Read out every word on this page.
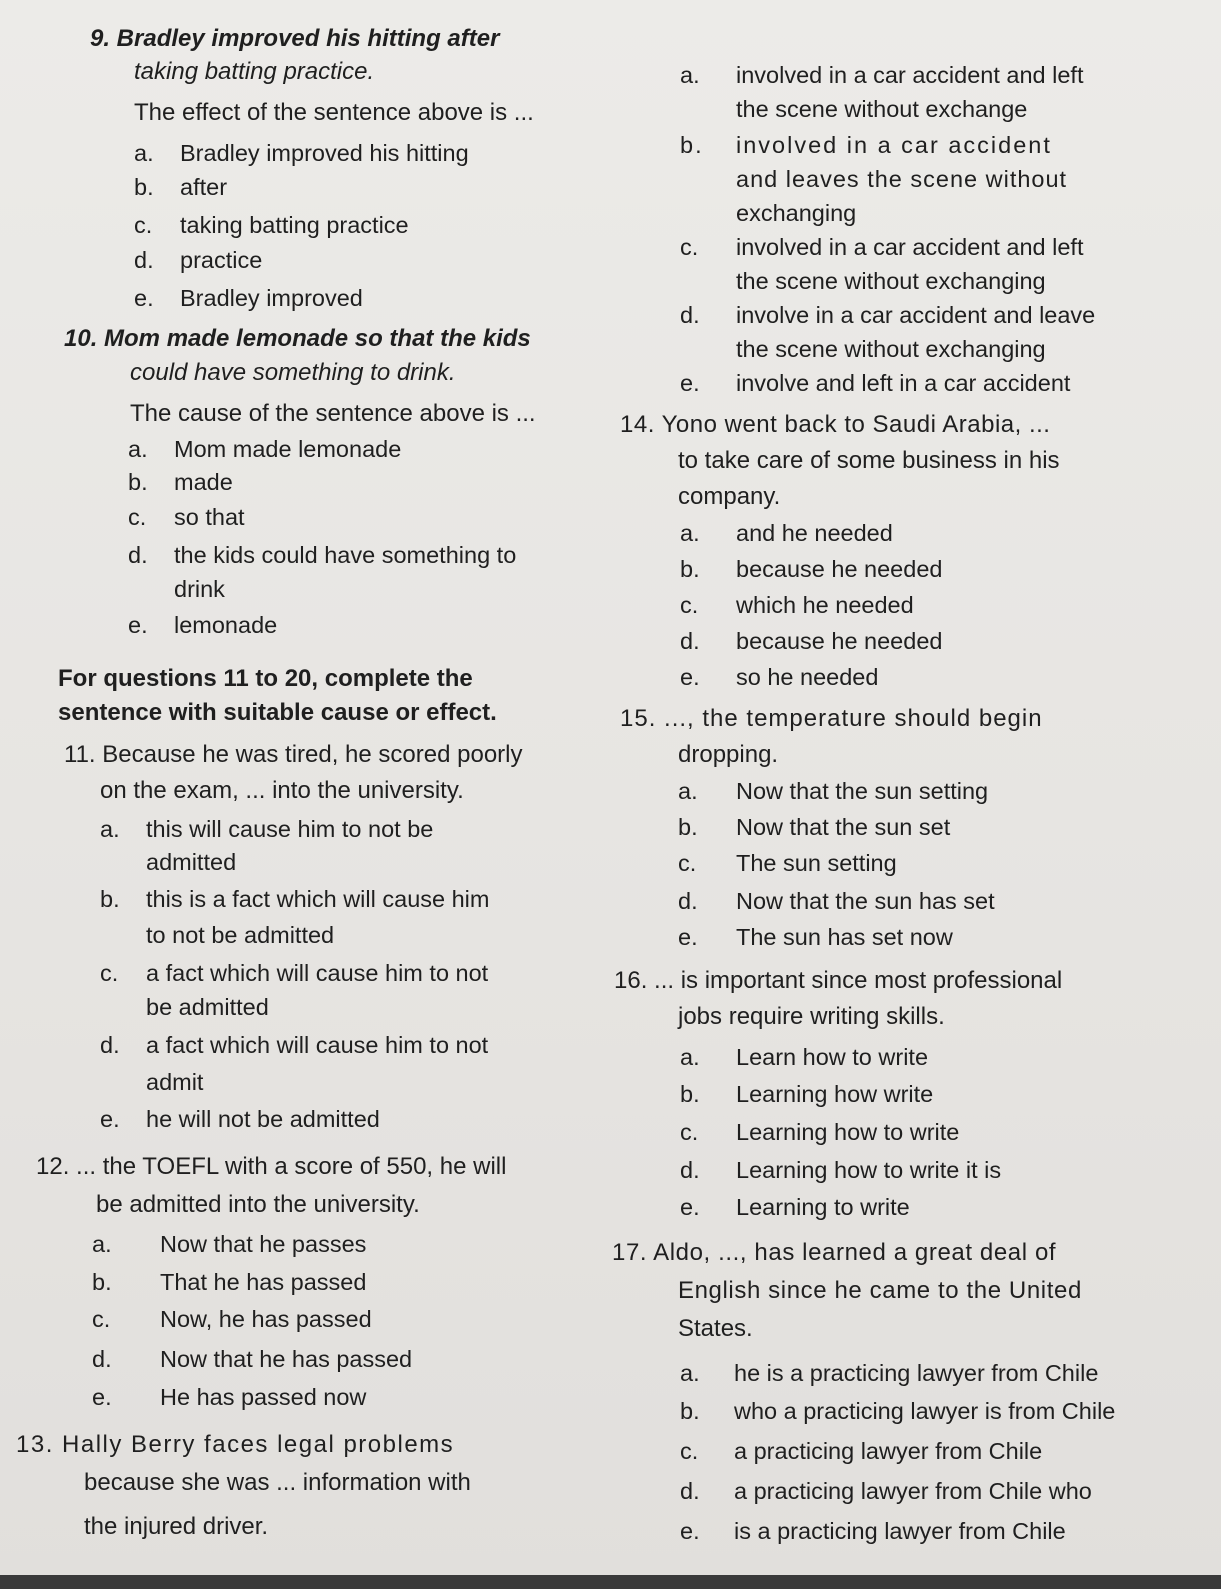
9. Bradley improved his hitting after
taking batting practice.
The effect of the sentence above is ...
a. Bradley improved his hitting
b. after
c. taking batting practice
d. practice
e. Bradley improved
10. Mom made lemonade so that the kids
could have something to drink.
The cause of the sentence above is ...
a. Mom made lemonade
b. made
c. so that
d. the kids could have something to
drink
e. lemonade
For questions 11 to 20, complete the
sentence with suitable cause or effect.
11. Because he was tired, he scored poorly
on the exam, ... into the university.
a. this will cause him to not be
admitted
b. this is a fact which will cause him
to not be admitted
c. a fact which will cause him to not
be admitted
d. a fact which will cause him to not
admit
e. he will not be admitted
12. ... the TOEFL with a score of 550, he will
be admitted into the university.
a. Now that he passes
b. That he has passed
c. Now, he has passed
d. Now that he has passed
e. He has passed now
13. Hally Berry faces legal problems
because she was ... information with
the injured driver.
a. involved in a car accident and left
the scene without exchange
b. involved in a car accident
and leaves the scene without
exchanging
c. involved in a car accident and left
the scene without exchanging
d. involve in a car accident and leave
the scene without exchanging
e. involve and left in a car accident
14. Yono went back to Saudi Arabia, ...
to take care of some business in his
company.
a. and he needed
b. because he needed
c. which he needed
d. because he needed
e. so he needed
15. ..., the temperature should begin
dropping.
a. Now that the sun setting
b. Now that the sun set
c. The sun setting
d. Now that the sun has set
e. The sun has set now
16. ... is important since most professional
jobs require writing skills.
a. Learn how to write
b. Learning how write
c. Learning how to write
d. Learning how to write it is
e. Learning to write
17. Aldo, ..., has learned a great deal of
English since he came to the United
States.
a. he is a practicing lawyer from Chile
b. who a practicing lawyer is from Chile
c. a practicing lawyer from Chile
d. a practicing lawyer from Chile who
e. is a practicing lawyer from Chile
